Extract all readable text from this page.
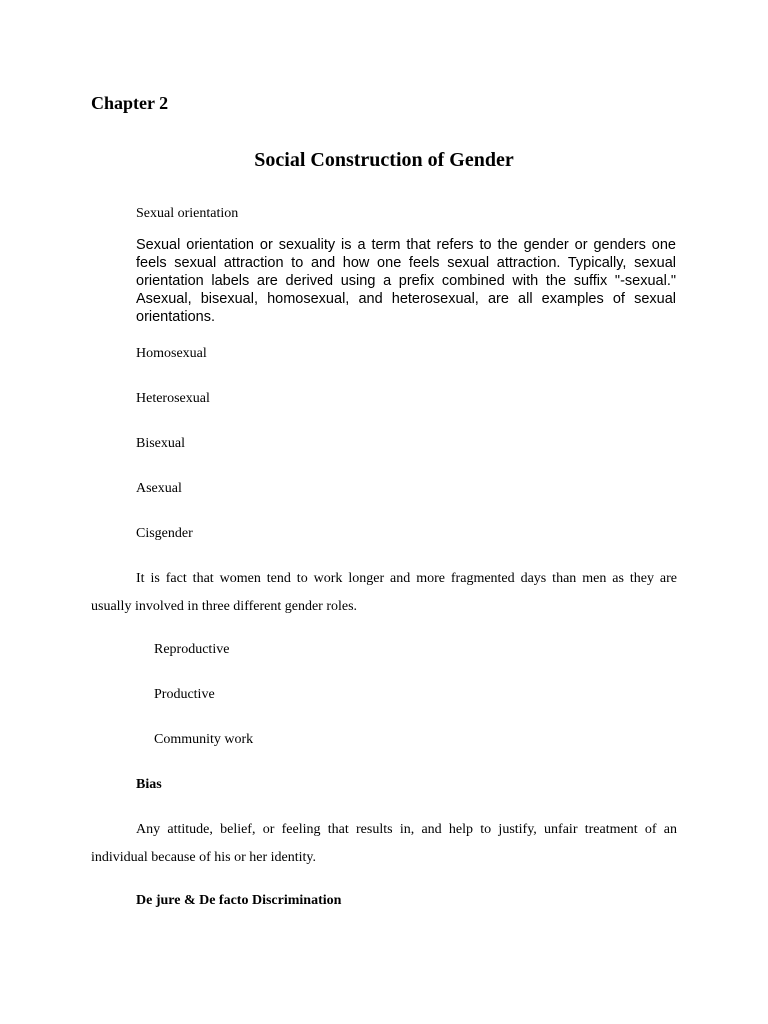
Chapter 2
Social Construction of Gender
Sexual orientation

Sexual orientation or sexuality is a term that refers to the gender or genders one feels sexual attraction to and how one feels sexual attraction. Typically, sexual orientation labels are derived using a prefix combined with the suffix "-sexual." Asexual, bisexual, homosexual, and heterosexual, are all examples of sexual orientations.

Homosexual
Heterosexual
Bisexual
Asexual
Cisgender

It is fact that women tend to work longer and more fragmented days than men as they are usually involved in three different gender roles.

Reproductive
Productive
Community work
Bias

Any attitude, belief, or feeling that results in, and help to justify, unfair treatment of an individual because of his or her identity.

De jure & De facto Discrimination
